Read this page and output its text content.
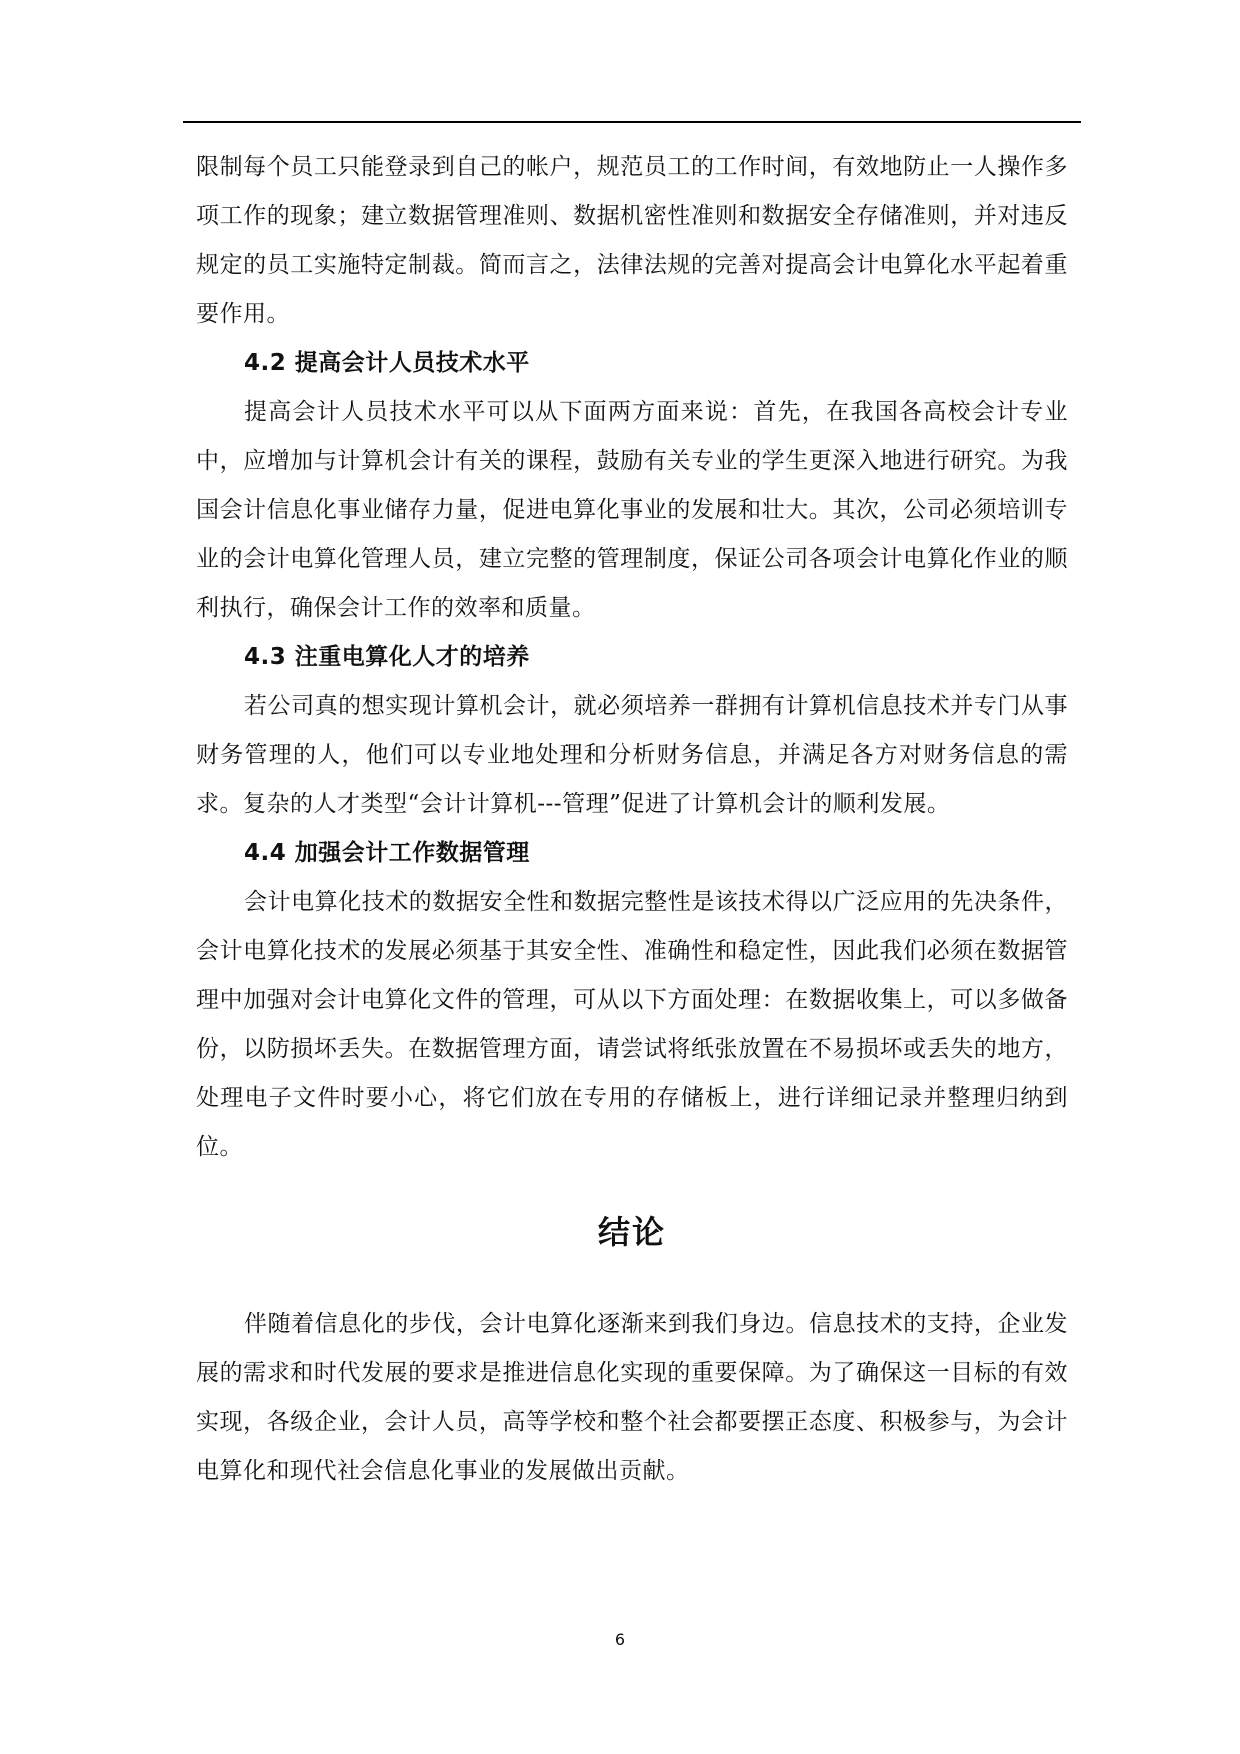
限制每个员工只能登录到自己的帐户，规范员工的工作时间，有效地防止一人操作多项工作的现象；建立数据管理准则、数据机密性准则和数据安全存储准则，并对违反规定的员工实施特定制裁。简而言之，法律法规的完善对提高会计电算化水平起着重要作用。

4.2 提高会计人员技术水平

提高会计人员技术水平可以从下面两方面来说：首先，在我国各高校会计专业中，应增加与计算机会计有关的课程，鼓励有关专业的学生更深入地进行研究。为我国会计信息化事业储存力量，促进电算化事业的发展和壮大。其次，公司必须培训专业的会计电算化管理人员，建立完整的管理制度，保证公司各项会计电算化作业的顺利执行，确保会计工作的效率和质量。

4.3 注重电算化人才的培养

若公司真的想实现计算机会计，就必须培养一群拥有计算机信息技术并专门从事财务管理的人，他们可以专业地处理和分析财务信息，并满足各方对财务信息的需求。复杂的人才类型“会计计算机---管理”促进了计算机会计的顺利发展。

4.4 加强会计工作数据管理

会计电算化技术的数据安全性和数据完整性是该技术得以广泛应用的先决条件，会计电算化技术的发展必须基于其安全性、准确性和稳定性，因此我们必须在数据管理中加强对会计电算化文件的管理，可从以下方面处理：在数据收集上，可以多做备份，以防损坏丢失。在数据管理方面，请尝试将纸张放置在不易损坏或丢失的地方，处理电子文件时要小心，将它们放在专用的存储板上，进行详细记录并整理归纳到位。

结论

伴随着信息化的步伐，会计电算化逐渐来到我们身边。信息技术的支持，企业发展的需求和时代发展的要求是推进信息化实现的重要保障。为了确保这一目标的有效实现，各级企业，会计人员，高等学校和整个社会都要摆正态度、积极参与，为会计电算化和现代社会信息化事业的发展做出贡献。

6
